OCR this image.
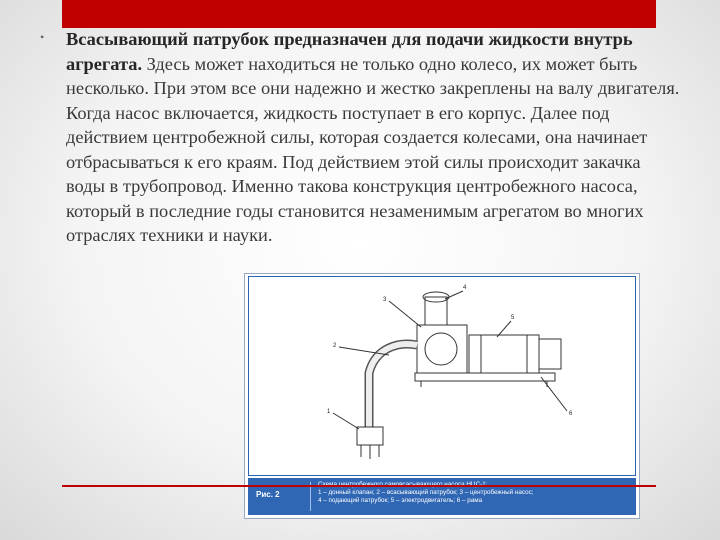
• Всасывающий патрубок предназначен для подачи жидкости внутрь агрегата. Здесь может находиться не только одно колесо, их может быть несколько. При этом все они надежно и жестко закреплены на валу двигателя. Когда насос включается, жидкость поступает в его корпус. Далее под действием центробежной силы, которая создается колесами, она начинает отбрасываться к его краям. Под действием этой силы происходит закачка воды в трубопровод. Именно такова конструкция центробежного насоса, который в последние годы становится незаменимым агрегатом во многих отраслях техники и науки.
1
2
3
4
5
6
Рис. 2	1 – донный клапан; 2 – всасывающий патрубок; 3 – центробежный насос;
4 – подающий патрубок; 5 – электродвигатель; 6 – рама
